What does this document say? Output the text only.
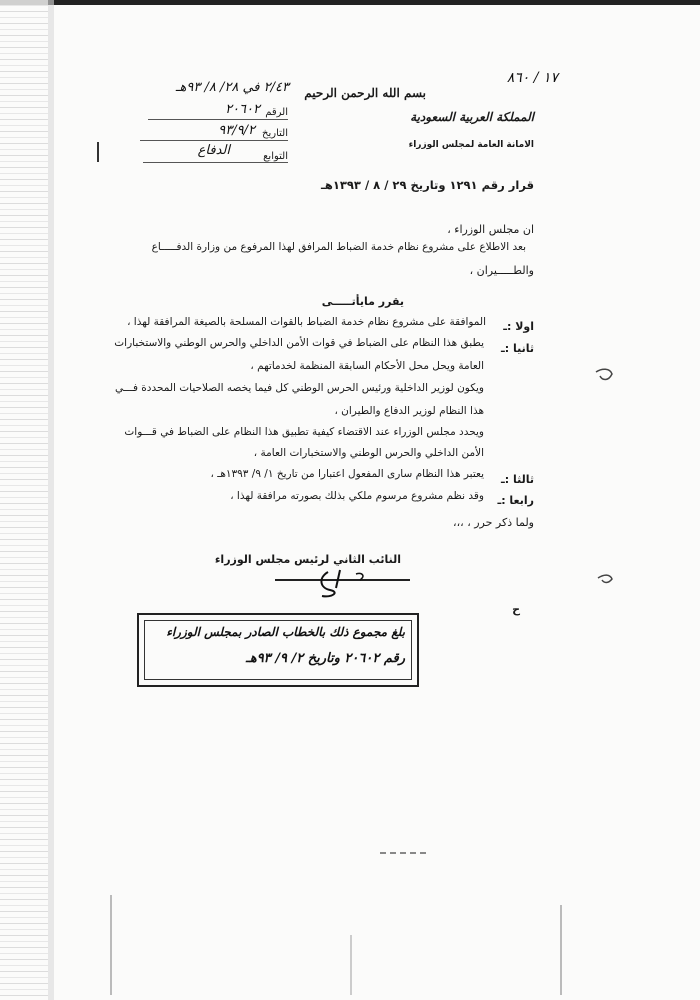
١٧ / ٨٦٠
بسم الله الرحمن الرحيم
المملكة العربية السعودية
الامانة العامة لمجلس الوزراء
٢/٤٣ في ٢٨/ ٨/ ٩٣هـ
الرقم
٢٠٦٠٢
التاريخ
٩٣/٩/٢
التوابع
الدفاع
قرار رقم ١٢٩١ وتاريخ ٢٩ / ٨ / ١٣٩٣هـ
ان مجلس الوزراء ،
بعد الاطلاع على مشروع نظام خدمة الضباط المرافق لهذا المرفوع من وزارة الدفـــــاع
والطـــــيران ،
يقرر مايأتـــــى
اولا :ـ
الموافقة على مشروع نظام خدمة الضباط بالقوات المسلحة بالصيغة المرافقة لهذا ،
ثانيا :ـ
يطبق هذا النظام على الضباط في قوات الأمن الداخلي والحرس الوطني والاستخبارات
العامة ويحل محل الأحكام السابقة المنظمة لخدماتهم ،
ويكون لوزير الداخلية ورئيس الحرس الوطني كل فيما يخصه الصلاحيات المحددة فـــي
هذا النظام لوزير الدفاع والطيران ،
ويحدد مجلس الوزراء عند الاقتضاء كيفية تطبيق هذا النظام على الضباط في قـــوات
الأمن الداخلي والحرس الوطني والاستخبارات العامة ،
ثالثا :ـ
يعتبر هذا النظام سارى المفعول اعتبارا من تاريخ ١/ ٩/ ١٣٩٣هـ ،
رابعا :ـ
وقد نظم مشروع مرسوم ملكي بذلك بصورته مرافقة لهذا ،
ولما ذكر حرر ، ،،،
النائب الثاني لرئيس مجلس الوزراء
ح
بلغ مجموع ذلك بالخطاب الصادر بمجلس الوزراء
رقم ٢٠٦٠٢ وتاريخ ٢/ ٩/ ٩٣هـ
